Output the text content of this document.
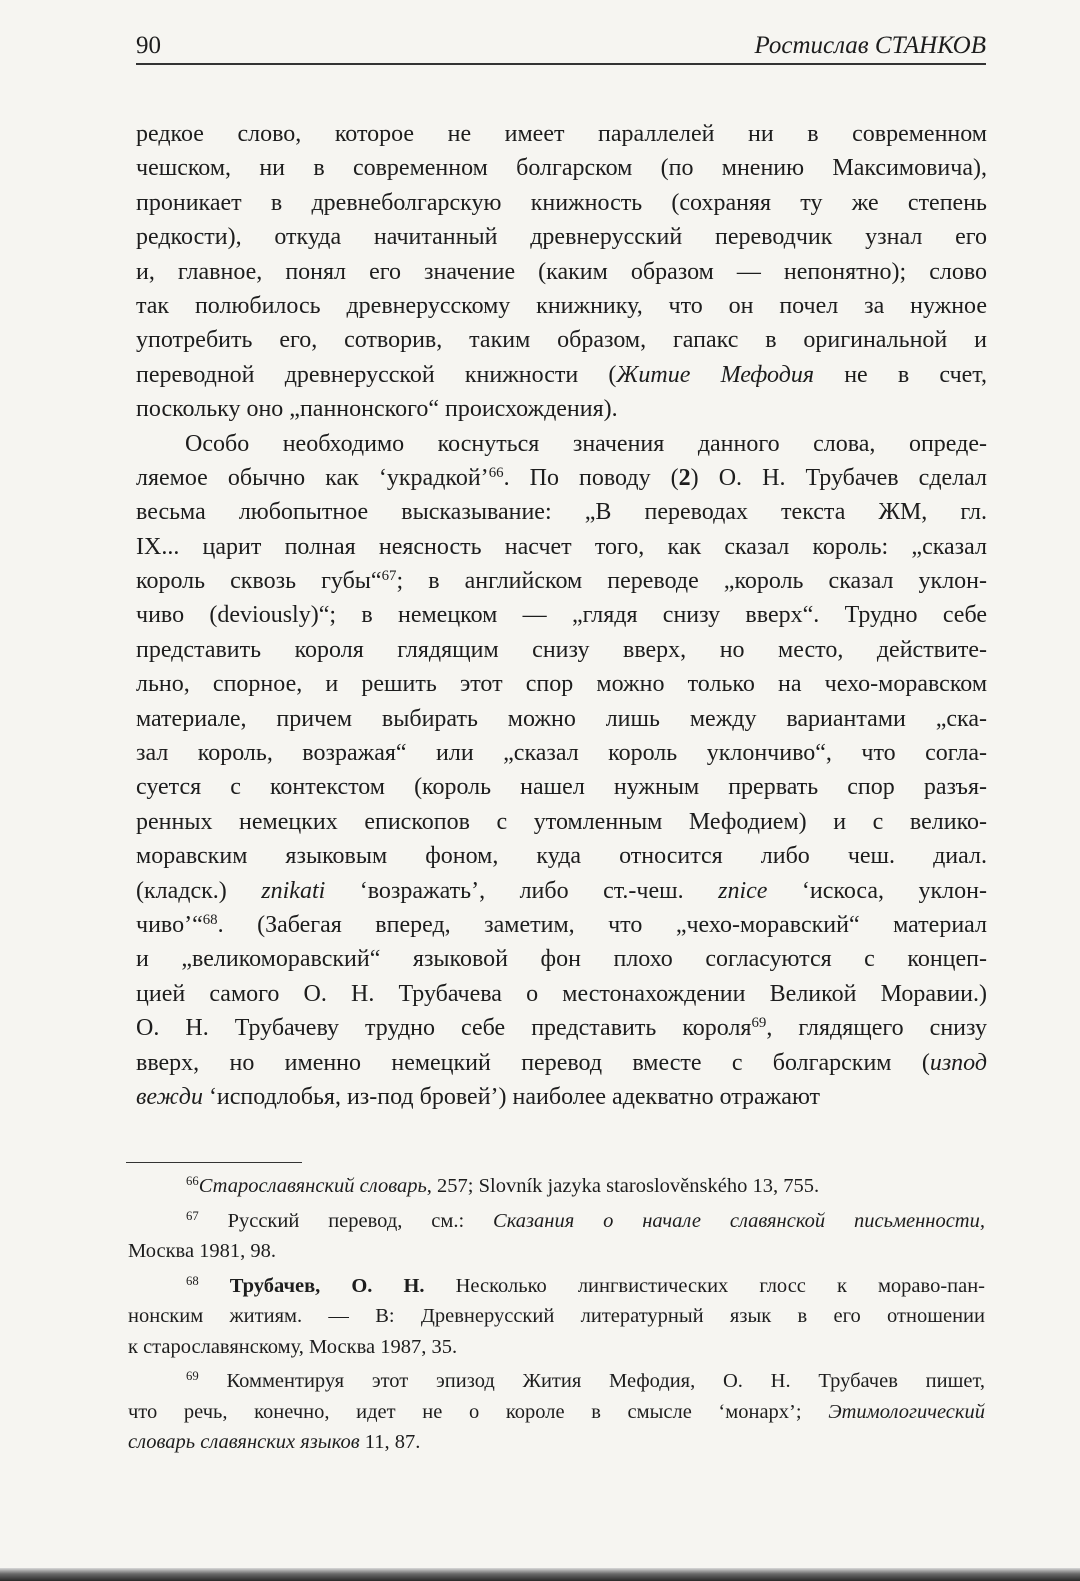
90	Ростислав СТАНКОВ
редкое слово, которое не имеет параллелей ни в современном
чешском, ни в современном болгарском (по мнению Максимовича),
проникает в древнеболгарскую книжность (сохраняя ту же степень
редкости), откуда начитанный древнерусский переводчик узнал его
и, главное, понял его значение (каким образом — непонятно); слово
так полюбилось древнерусскому книжнику, что он почел за нужное
употребить его, сотворив, таким образом, гапакс в оригинальной и
переводной древнерусской книжности (Житие Мефодия не в счет,
поскольку оно „паннонского“ происхождения).
Особо необходимо коснуться значения данного слова, опреде-
ляемое обычно как ‘украдкой’$^{66}$. По поводу (2) О. Н. Трубачев сделал
весьма любопытное высказывание: „В переводах текста ЖМ, гл.
IX... царит полная неясность насчет того, как сказал король: „сказал
король сквозь губы“$^{67}$; в английском переводе „король сказал уклон-
чиво (deviously)“; в немецком — „глядя снизу вверх“. Трудно себе
представить короля глядящим снизу вверх, но место, действите-
льно, спорное, и решить этот спор можно только на чехо-моравском
материале, причем выбирать можно лишь между вариантами „ска-
зал король, возражая“ или „сказал король уклончиво“, что согла-
суется с контекстом (король нашел нужным прервать спор разъя-
ренных немецких епископов с утомленным Мефодием) и с велико-
моравским языковым фоном, куда относится либо чеш. диал.
(кладск.) znikati ‘возражать’, либо ст.-чеш. znice ‘искоса, уклон-
чиво’“$^{68}$. (Забегая вперед, заметим, что „чехо-моравский“ материал
и „великоморавский“ языковой фон плохо согласуются с концеп-
цией самого О. Н. Трубачева о местонахождении Великой Моравии.)
О. Н. Трубачеву трудно себе представить короля$^{69}$, глядящего снизу
вверх, но именно немецкий перевод вместе с болгарским (изпод
вежди ‘исподлобья, из-под бровей’) наиболее адекватно отражают
$^{66}$Старославянский словарь, 257; Slovník jazyka staroslověnského 13, 755.
$^{67}$ Русский перевод, см.: Сказания о начале славянской письменности,
Москва 1981, 98.
$^{68}$ Трубачев, О. Н. Несколько лингвистических глосс к мораво-пан-
нонским житиям. — В: Древнерусский литературный язык в его отношении
к старославянскому, Москва 1987, 35.
$^{69}$ Комментируя этот эпизод Жития Мефодия, О. Н. Трубачев пишет,
что речь, конечно, идет не о короле в смысле ‘монарх’; Этимологический
словарь славянских языков 11, 87.
